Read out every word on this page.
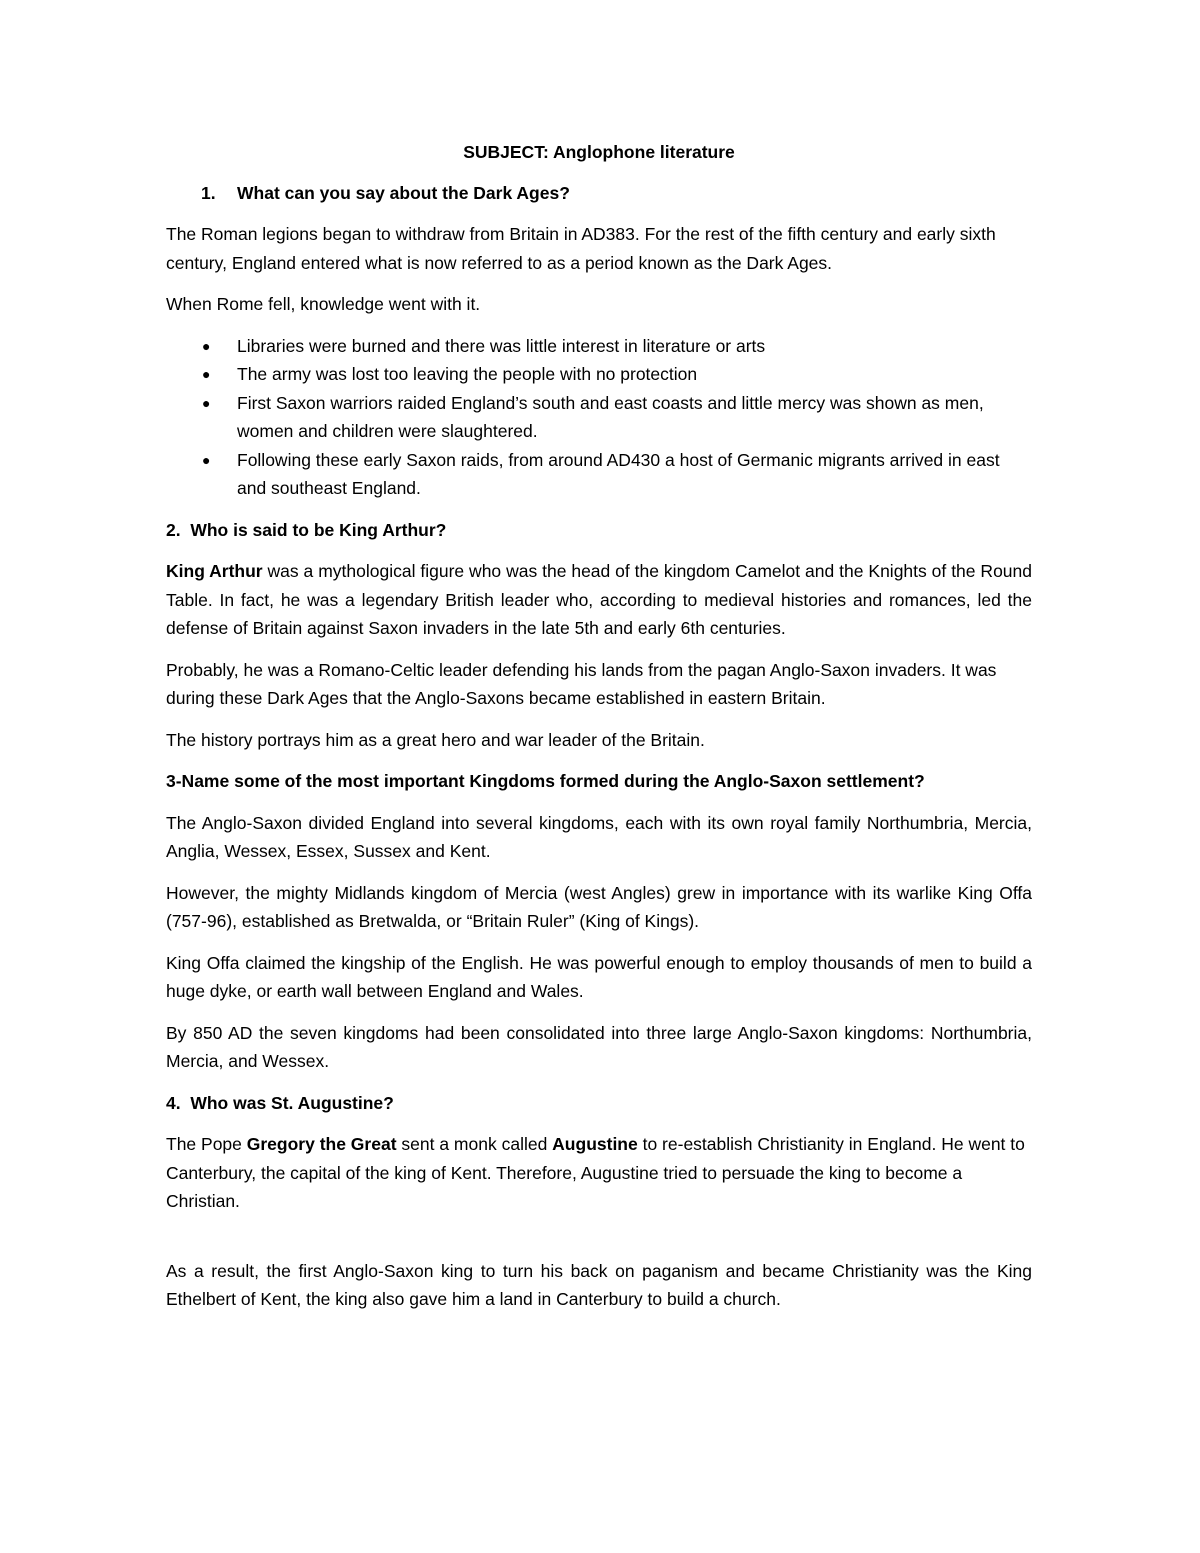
SUBJECT: Anglophone literature
1. What can you say about the Dark Ages?

The Roman legions began to withdraw from Britain in AD383. For the rest of the fifth century and early sixth century, England entered what is now referred to as a period known as the Dark Ages.

When Rome fell, knowledge went with it.

● Libraries were burned and there was little interest in literature or arts
● The army was lost too leaving the people with no protection
● First Saxon warriors raided England’s south and east coasts and little mercy was shown as men, women and children were slaughtered.
● Following these early Saxon raids, from around AD430 a host of Germanic migrants arrived in east and southeast England.
2. Who is said to be King Arthur?

King Arthur was a mythological figure who was the head of the kingdom Camelot and the Knights of the Round Table. In fact, he was a legendary British leader who, according to medieval histories and romances, led the defense of Britain against Saxon invaders in the late 5th and early 6th centuries.

Probably, he was a Romano-Celtic leader defending his lands from the pagan Anglo-Saxon invaders. It was during these Dark Ages that the Anglo-Saxons became established in eastern Britain.

The history portrays him as a great hero and war leader of the Britain.

3-Name some of the most important Kingdoms formed during the Anglo-Saxon settlement?

The Anglo-Saxon divided England into several kingdoms, each with its own royal family Northumbria, Mercia, Anglia, Wessex, Essex, Sussex and Kent.

However, the mighty Midlands kingdom of Mercia (west Angles) grew in importance with its warlike King Offa (757-96), established as Bretwalda, or “Britain Ruler” (King of Kings).

King Offa claimed the kingship of the English. He was powerful enough to employ thousands of men to build a huge dyke, or earth wall between England and Wales.

By 850 AD the seven kingdoms had been consolidated into three large Anglo-Saxon kingdoms: Northumbria, Mercia, and Wessex.

4. Who was St. Augustine?

The Pope Gregory the Great sent a monk called Augustine to re-establish Christianity in England. He went to Canterbury, the capital of the king of Kent. Therefore, Augustine tried to persuade the king to become a Christian.

As a result, the first Anglo-Saxon king to turn his back on paganism and became Christianity was the King Ethelbert of Kent, the king also gave him a land in Canterbury to build a church.
